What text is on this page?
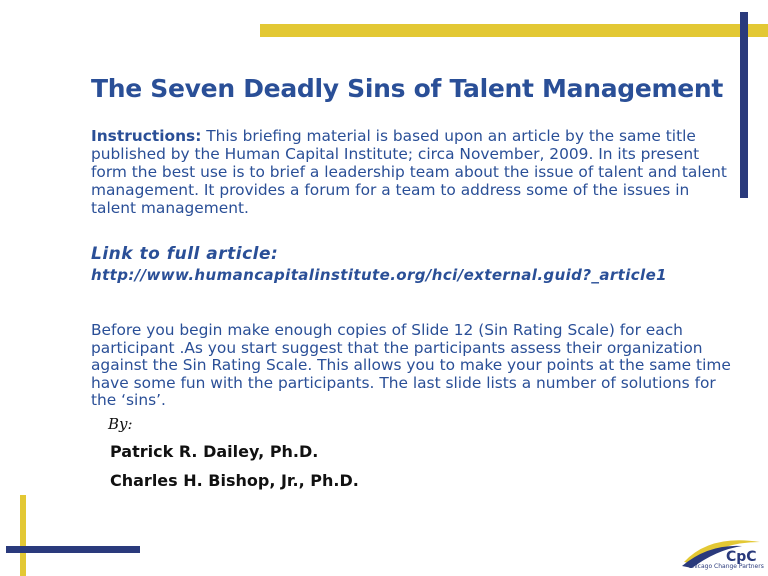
The Seven Deadly Sins of Talent Management

Instructions: This briefing material is based upon an article by the same title published by the Human Capital Institute; circa November, 2009. In its present form the best use is to brief a leadership team about the issue of talent and talent management. It provides a forum for a team to address some of the issues in talent management.

Link to full article:

http://www.humancapitalinstitute.org/hci/external.guid?_article1

Before you begin make enough copies of Slide 12 (Sin Rating Scale) for each participant .As you start suggest that the participants assess their organization against the Sin Rating Scale. This allows you to make your points at the same time have some fun with the participants. The last slide lists a number of solutions for the ‘sins’.

By:

Patrick R. Dailey, Ph.D.

Charles H. Bishop, Jr., Ph.D.

CpC
Chicago Change Partners
